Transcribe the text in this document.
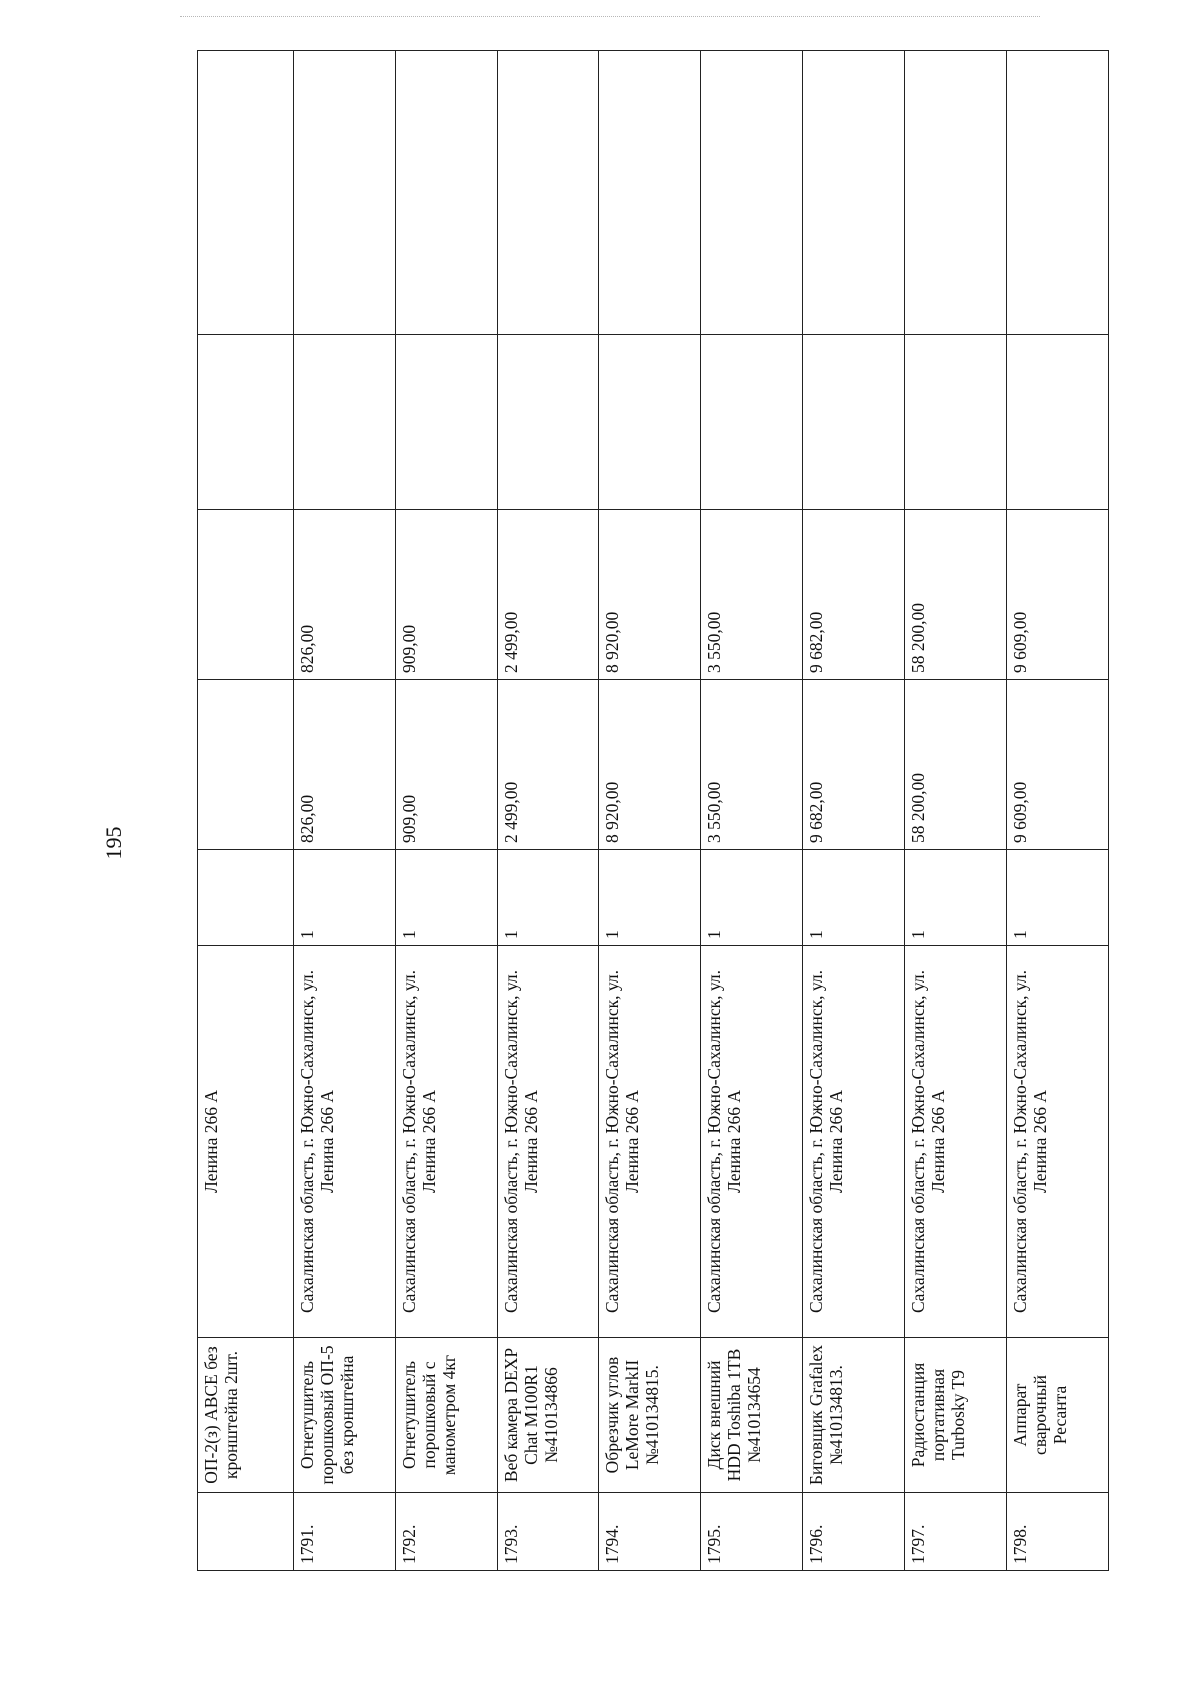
195
	ОП-2(з) АВСЕ без кронштейна 2шт.	Ленина 266 А					
1791.	Огнетушитель порошковый ОП-5 без кронштейна	Сахалинская область, г. Южно-Сахалинск, ул. Ленина 266 А	1	826,00	826,00		
1792.	Огнетушитель порошковый с манометром 4кг	Сахалинская область, г. Южно-Сахалинск, ул. Ленина 266 А	1	909,00	909,00		
1793.	Веб камера DEXP Chat M100R1 №410134866	Сахалинская область, г. Южно-Сахалинск, ул. Ленина 266 А	1	2 499,00	2 499,00		
1794.	Обрезчик углов LeMore MarkII №410134815.	Сахалинская область, г. Южно-Сахалинск, ул. Ленина 266 А	1	8 920,00	8 920,00		
1795.	Диск внешний HDD Toshiba 1TB №410134654	Сахалинская область, г. Южно-Сахалинск, ул. Ленина 266 А	1	3 550,00	3 550,00		
1796.	Биговщик Grafalex №410134813.	Сахалинская область, г. Южно-Сахалинск, ул. Ленина 266 А	1	9 682,00	9 682,00		
1797.	Радиостанция портативная Turbosky T9	Сахалинская область, г. Южно-Сахалинск, ул. Ленина 266 А	1	58 200,00	58 200,00		
1798.	Аппарат сварочный Ресанта	Сахалинская область, г. Южно-Сахалинск, ул. Ленина 266 А	1	9 609,00	9 609,00		
